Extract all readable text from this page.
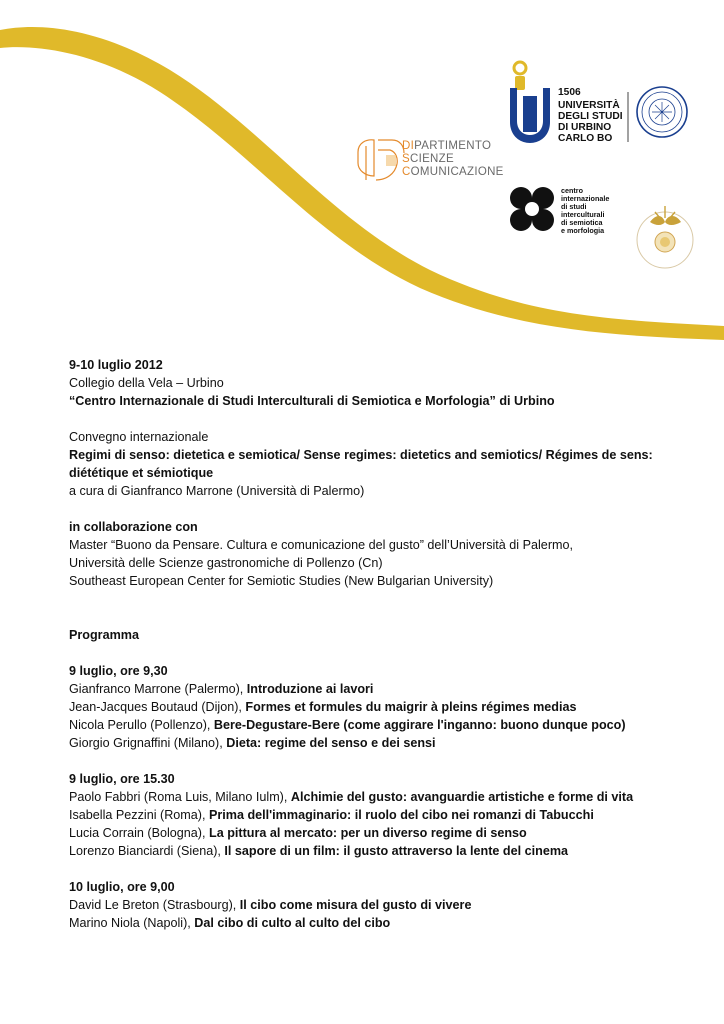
DIPARTIMENTO
SCIENZE
COMUNICAZIONE
1506
UNIVERSITÀ
DEGLI STUDI
DI URBINO
CARLO BO
centro
internazionale
di studi
interculturali
di semiotica
e morfologia

9-10 luglio 2012

Collegio della Vela – Urbino

“Centro Internazionale di Studi Interculturali di Semiotica e Morfologia” di Urbino

Convegno internazionale

Regimi di senso: dietetica e semiotica/ Sense regimes: dietetics and semiotics/ Régimes de sens:

diététique et sémiotique

a cura di Gianfranco Marrone (Università di Palermo)

in collaborazione con

Master “Buono da Pensare. Cultura e comunicazione del gusto” dell’Università di Palermo,

Università delle Scienze gastronomiche di Pollenzo (Cn)

Southeast European Center for Semiotic Studies (New Bulgarian University)

Programma

9 luglio, ore 9,30

Gianfranco Marrone (Palermo), Introduzione ai lavori

Jean-Jacques Boutaud (Dijon), Formes et formules du maigrir à pleins régimes medias

Nicola Perullo (Pollenzo), Bere-Degustare-Bere (come aggirare l'inganno: buono dunque poco)

Giorgio Grignaffini (Milano), Dieta: regime del senso e dei sensi

9 luglio, ore 15.30

Paolo Fabbri (Roma Luis, Milano Iulm), Alchimie del gusto: avanguardie artistiche e forme di vita

Isabella Pezzini (Roma), Prima dell'immaginario: il ruolo del cibo nei romanzi di Tabucchi

Lucia Corrain (Bologna), La pittura al mercato: per un diverso regime di senso

Lorenzo Bianciardi (Siena), Il sapore di un film: il gusto attraverso la lente del cinema

10 luglio, ore 9,00

David Le Breton (Strasbourg), Il cibo come misura del gusto di vivere

Marino Niola (Napoli), Dal cibo di culto al culto del cibo
